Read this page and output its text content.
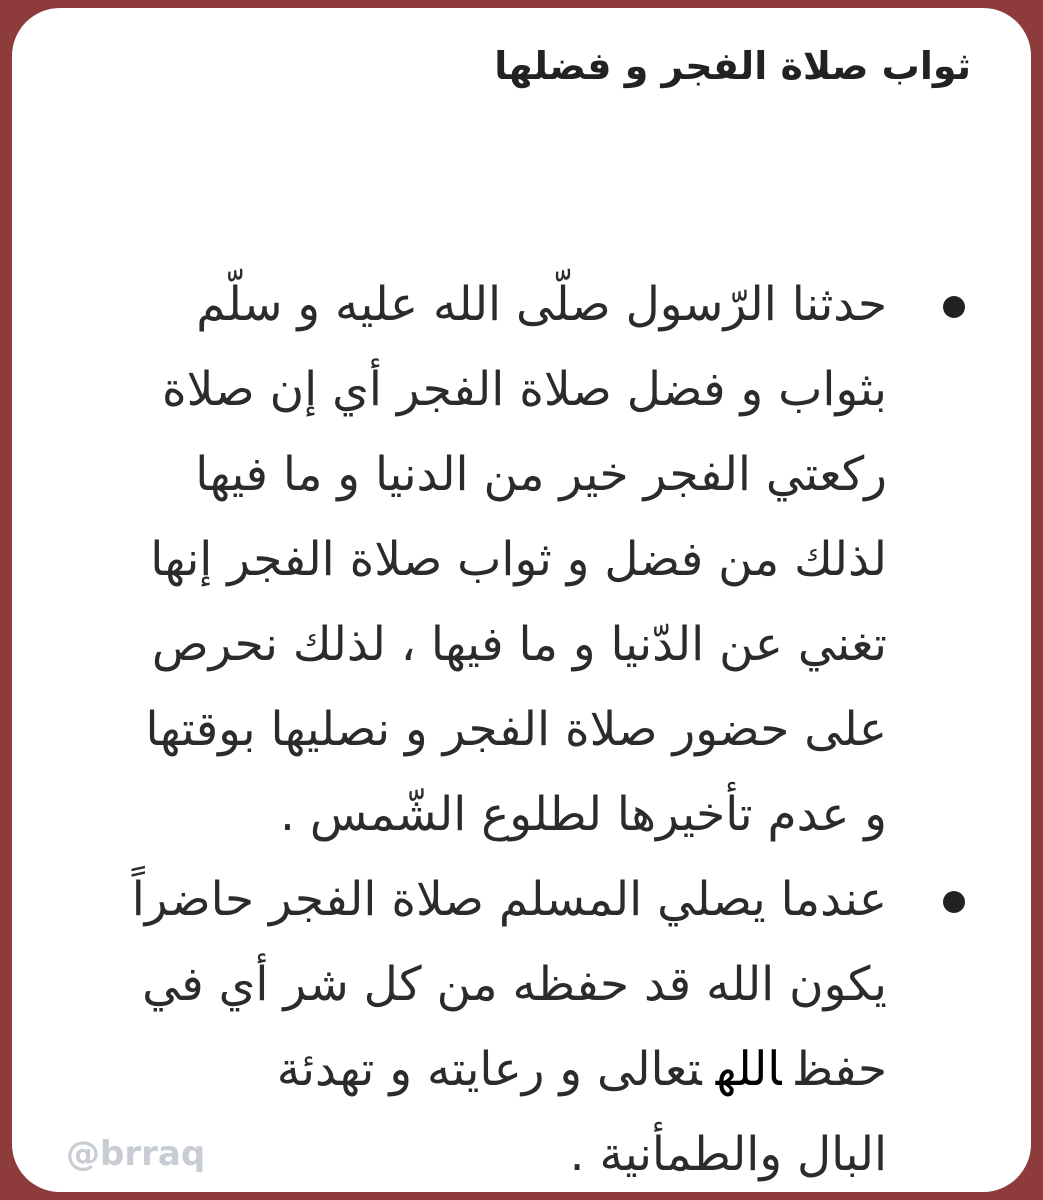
ثواب صلاة الفجر و فضلها
حدثنا الرّسول صلّى الله عليه و سلّم
بثواب و فضل صلاة الفجر أي إن صلاة
ركعتي الفجر خير من الدنيا و ما فيها
لذلك من فضل و ثواب صلاة الفجر إنها
تغني عن الدّنيا و ما فيها ، لذلك نحرص
على حضور صلاة الفجر و نصليها بوقتها
و عدم تأخيرها لطلوع الشّمس .
عندما يصلي المسلم صلاة الفجر حاضراً
يكون الله قد حفظه من كل شر أي في
حفظاللهتعالى و رعايته و تهدئة
البال والطمأنية .
@brraq
